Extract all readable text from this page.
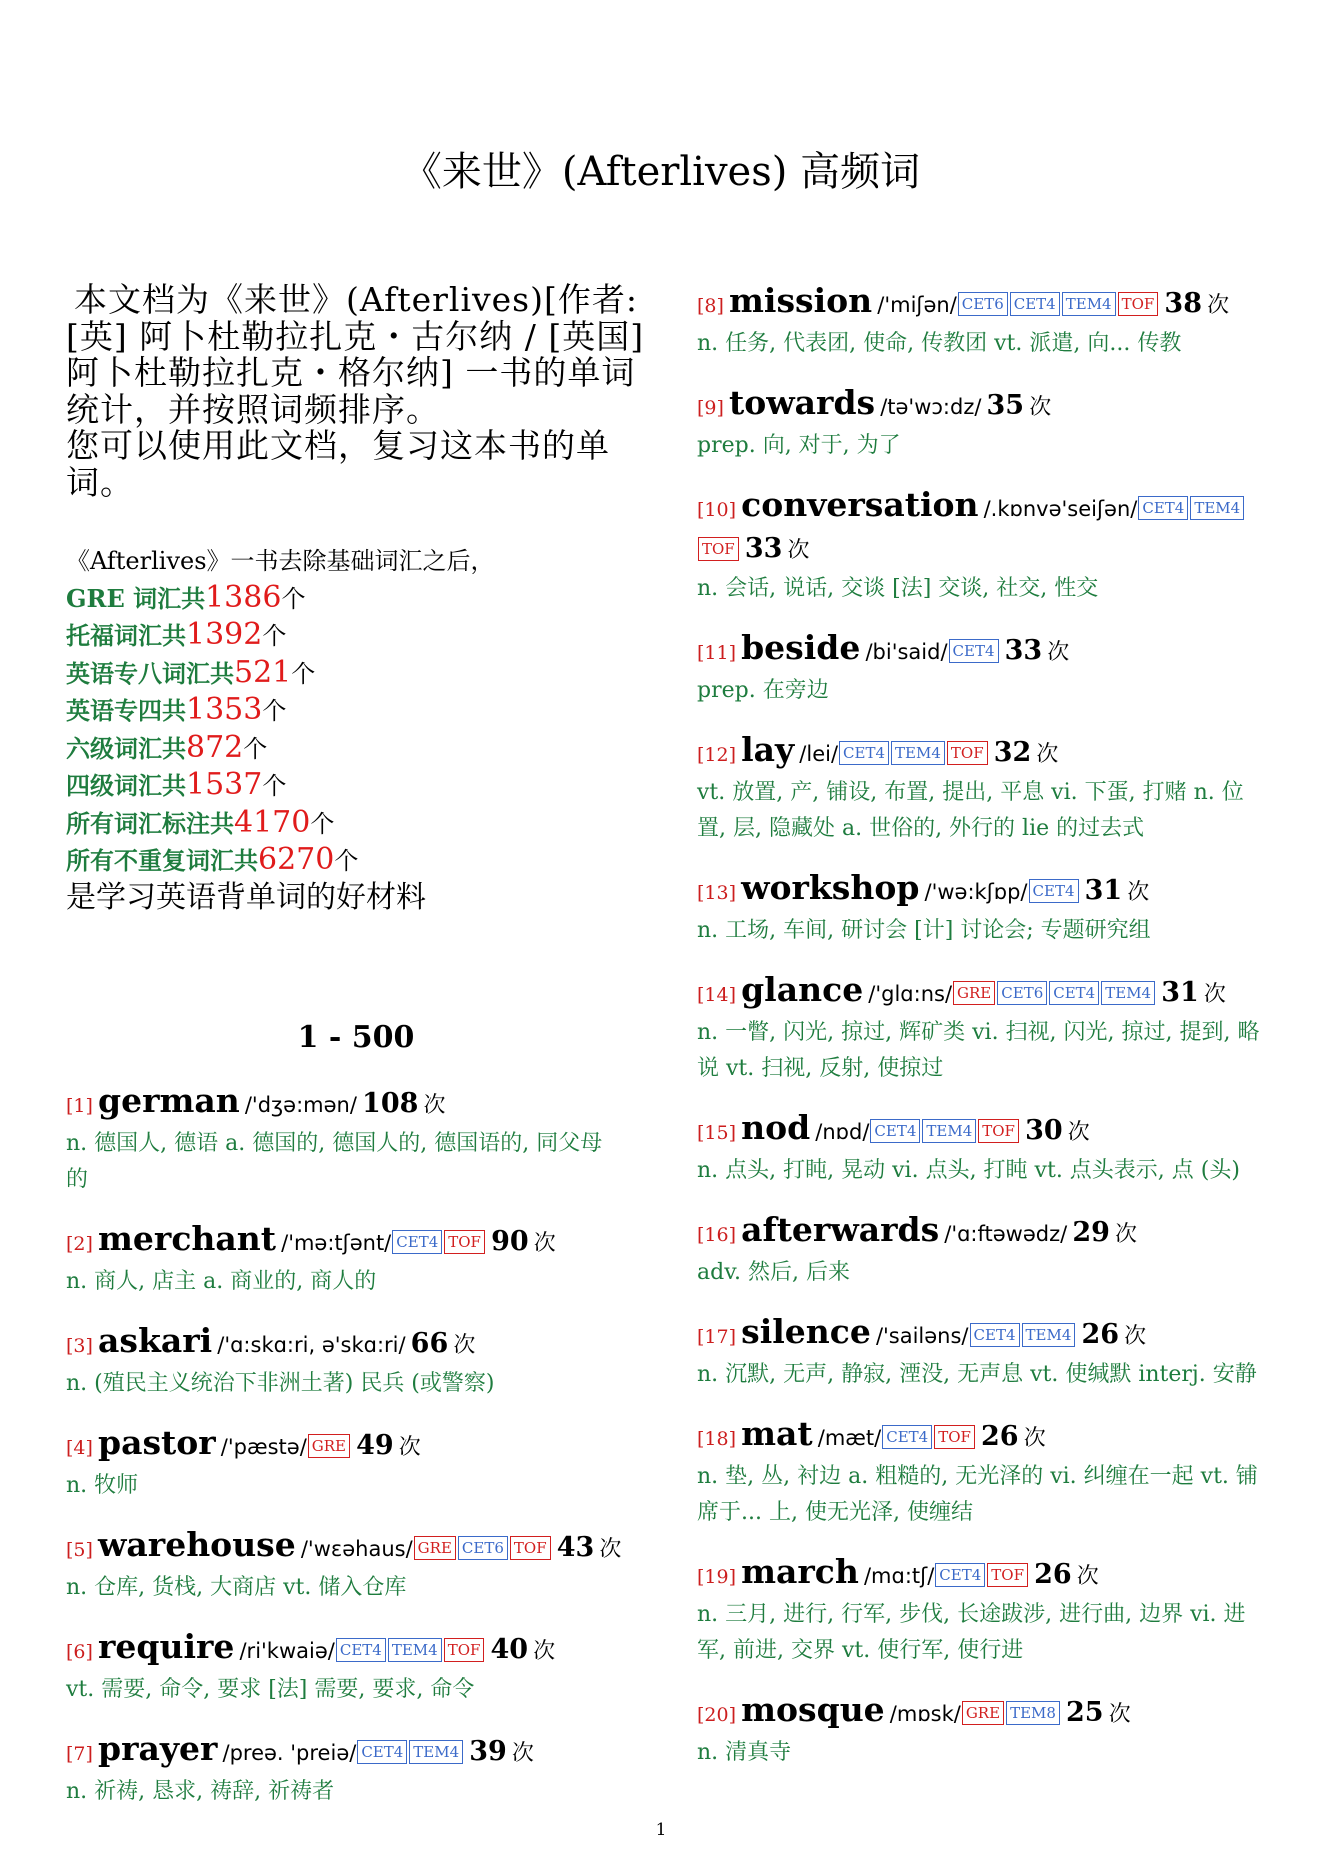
《来世》(Afterlives) 高频词
本文档为《来世》(Afterlives)[作者:
[英] 阿卜杜勒拉扎克・古尔纳 / [英国]
阿卜杜勒拉扎克・格尔纳] 一书的单词
统计，并按照词频排序。
您可以使用此文档，复习这本书的单
词。
《Afterlives》一书去除基础词汇之后，
GRE 词汇共1386个
托福词汇共1392个
英语专八词汇共521个
英语专四共1353个
六级词汇共872个
四级词汇共1537个
所有词汇标注共4170个
所有不重复词汇共6270个
是学习英语背单词的好材料
1 - 500
[1] german /'dʒə:mən/ 108 次
n. 德国人, 德语 a. 德国的, 德国人的, 德国语的, 同父母
的
[2] merchant /'mə:tʃənt/ CET4 TOF 90 次
n. 商人, 店主 a. 商业的, 商人的
[3] askari /'ɑ:skɑ:ri, ə'skɑ:ri/ 66 次
n. (殖民主义统治下非洲土著) 民兵 (或警察)
[4] pastor /'pæstə/ GRE 49 次
n. 牧师
[5] warehouse /'wɛəhaus/ GRE CET6 TOF 43 次
n. 仓库, 货栈, 大商店 vt. 储入仓库
[6] require /ri'kwaiə/ CET4 TEM4 TOF 40 次
vt. 需要, 命令, 要求 [法] 需要, 要求, 命令
[7] prayer /preə. 'preiə/ CET4 TEM4 39 次
n. 祈祷, 恳求, 祷辞, 祈祷者
[8] mission /'miʃən/ CET6 CET4 TEM4 TOF 38 次
n. 任务, 代表团, 使命, 传教团 vt. 派遣, 向... 传教
[9] towards /tə'wɔ:dz/ 35 次
prep. 向, 对于, 为了
[10] conversation /.kɒnvə'seiʃən/ CET4 TEM4TOF 33 次
n. 会话, 说话, 交谈 [法] 交谈, 社交, 性交
[11] beside /bi'said/ CET4 33 次
prep. 在旁边
[12] lay /lei/ CET4 TEM4 TOF 32 次
vt. 放置, 产, 铺设, 布置, 提出, 平息 vi. 下蛋, 打赌 n. 位
置, 层, 隐藏处 a. 世俗的, 外行的 lie 的过去式
[13] workshop /'wə:kʃɒp/ CET4 31 次
n. 工场, 车间, 研讨会 [计] 讨论会; 专题研究组
[14] glance /'glɑ:ns/ GRE CET6 CET4 TEM4 31 次
n. 一瞥, 闪光, 掠过, 辉矿类 vi. 扫视, 闪光, 掠过, 提到, 略
说 vt. 扫视, 反射, 使掠过
[15] nod /nɒd/ CET4 TEM4 TOF 30 次
n. 点头, 打盹, 晃动 vi. 点头, 打盹 vt. 点头表示, 点 (头)
[16] afterwards /'ɑ:ftəwədz/ 29 次
adv. 然后, 后来
[17] silence /'sailəns/ CET4 TEM4 26 次
n. 沉默, 无声, 静寂, 湮没, 无声息 vt. 使缄默 interj. 安静
[18] mat /mæt/ CET4 TOF 26 次
n. 垫, 丛, 衬边 a. 粗糙的, 无光泽的 vi. 纠缠在一起 vt. 铺
席于... 上, 使无光泽, 使缠结
[19] march /mɑ:tʃ/ CET4 TOF 26 次
n. 三月, 进行, 行军, 步伐, 长途跋涉, 进行曲, 边界 vi. 进
军, 前进, 交界 vt. 使行军, 使行进
[20] mosque /mɒsk/ GRE TEM8 25 次
n. 清真寺
1
